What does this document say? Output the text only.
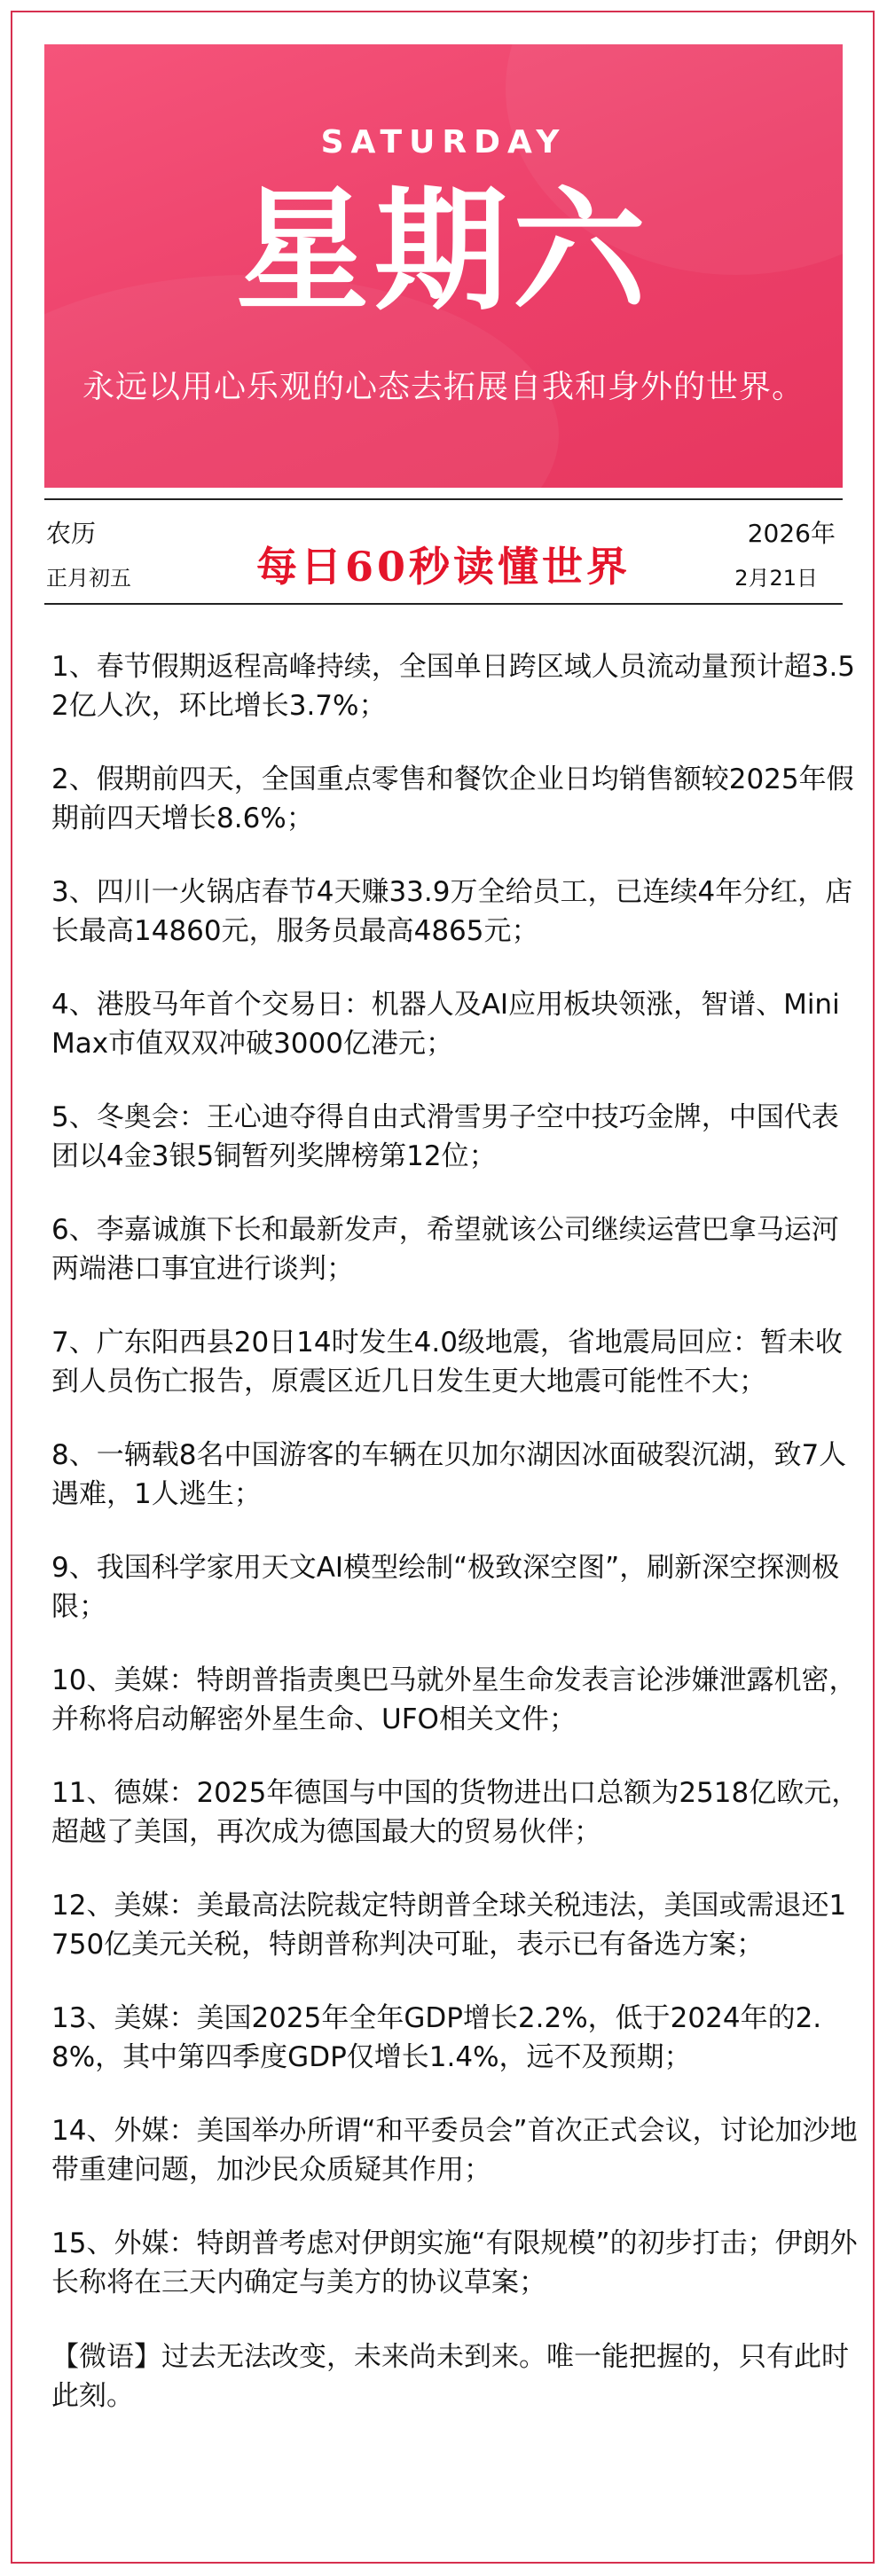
SATURDAY
星期六
永远以用心乐观的心态去拓展自我和身外的世界。
农历
正月初五	每日60秒读懂世界
2026年
2月21日
1、春节假期返程高峰持续，全国单日跨区域人员流动量预计超3.52亿人次，环比增长3.7%；
2、假期前四天，全国重点零售和餐饮企业日均销售额较2025年假期前四天增长8.6%；
3、四川一火锅店春节4天赚33.9万全给员工，已连续4年分红，店长最高14860元，服务员最高4865元；
4、港股马年首个交易日：机器人及AI应用板块领涨，智谱、MiniMax市值双双冲破3000亿港元；
5、冬奥会：王心迪夺得自由式滑雪男子空中技巧金牌，中国代表团以4金3银5铜暂列奖牌榜第12位；
6、李嘉诚旗下长和最新发声，希望就该公司继续运营巴拿马运河两端港口事宜进行谈判；
7、广东阳西县20日14时发生4.0级地震，省地震局回应：暂未收到人员伤亡报告，原震区近几日发生更大地震可能性不大；
8、一辆载8名中国游客的车辆在贝加尔湖因冰面破裂沉湖，致7人遇难，1人逃生；
9、我国科学家用天文AI模型绘制“极致深空图”，刷新深空探测极限；
10、美媒：特朗普指责奥巴马就外星生命发表言论涉嫌泄露机密，并称将启动解密外星生命、UFO相关文件；
11、德媒：2025年德国与中国的货物进出口总额为2518亿欧元，超越了美国，再次成为德国最大的贸易伙伴；
12、美媒：美最高法院裁定特朗普全球关税违法，美国或需退还1750亿美元关税，特朗普称判决可耻，表示已有备选方案；
13、美媒：美国2025年全年GDP增长2.2%，低于2024年的2.8%，其中第四季度GDP仅增长1.4%，远不及预期；
14、外媒：美国举办所谓“和平委员会”首次正式会议，讨论加沙地带重建问题，加沙民众质疑其作用；
15、外媒：特朗普考虑对伊朗实施“有限规模”的初步打击；伊朗外长称将在三天内确定与美方的协议草案；
【微语】过去无法改变，未来尚未到来。唯一能把握的，只有此时此刻。
